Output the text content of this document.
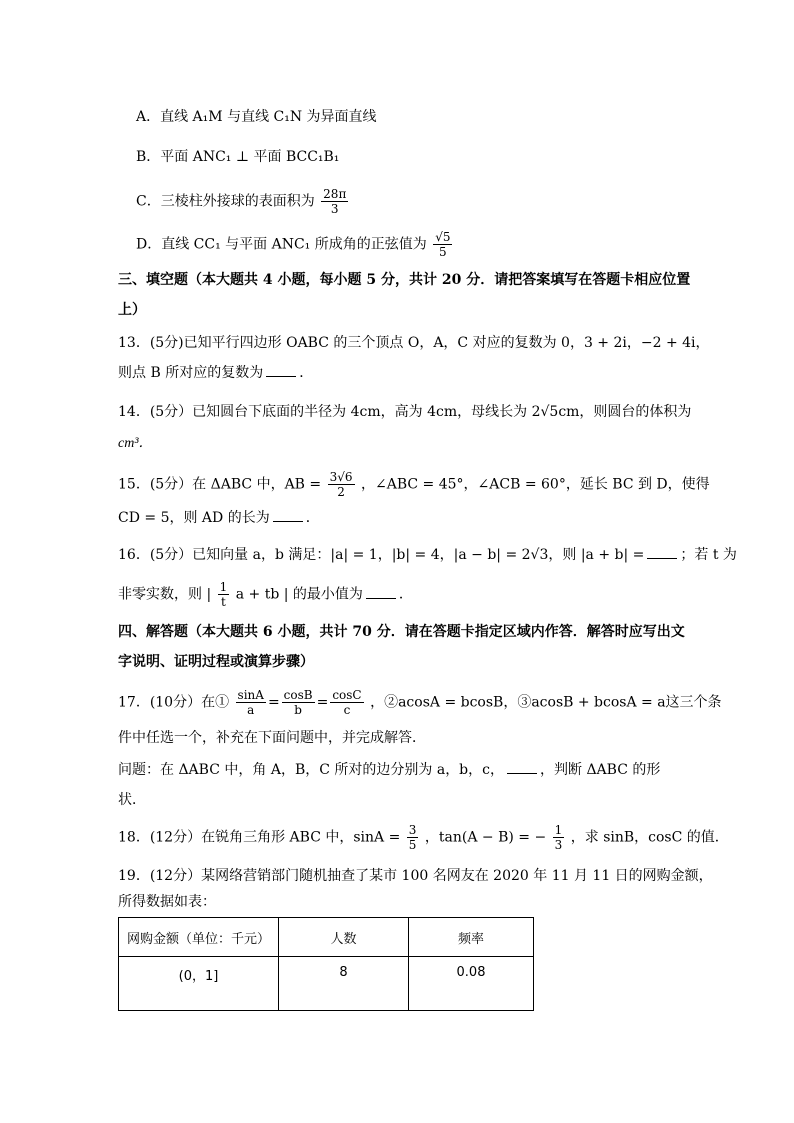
A．直线 A₁M 与直线 C₁N 为异面直线
B．平面 ANC₁ ⊥ 平面 BCC₁B₁
C．三棱柱外接球的表面积为 $\frac{28\pi}{3}$
D．直线 CC₁ 与平面 ANC₁ 所成角的正弦值为 $\frac{√5}{5}$
三、填空题（本大题共 4 小题，每小题 5 分，共计 20 分．请把答案填写在答题卡相应位置
上）
13．(5分)已知平行四边形 OABC 的三个顶点 O，A，C 对应的复数为 0，3 + 2i，−2 + 4i，
则点 B 所对应的复数为	．
14．(5分）已知圆台下底面的半径为 4cm，高为 4cm，母线长为 2√5cm，则圆台的体积为
cm³．
15．(5分）在 ΔABC 中，AB = $\frac{3√6}{2}$ ，∠ABC = 45°，∠ACB = 60°，延长 BC 到 D，使得
CD = 5，则 AD 的长为	．
16．(5分）已知向量 a，b 满足：|a| = 1，|b| = 4，|a − b| = 2√3，则 |a + b| =	；若 t 为
非零实数，则 | $\frac{1}{t}$ a + tb | 的最小值为	．
四、解答题（本大题共 6 小题，共计 70 分．请在答题卡指定区域内作答．解答时应写出文
字说明、证明过程或演算步骤）
17．(10分）在① $\frac{\sin A}{a} = \frac{\cos B}{b} = \frac{\cos C}{c}$ ，②acosA = bcosB，③acosB + bcosA = a这三个条
件中任选一个，补充在下面问题中，并完成解答．
问题：在 ΔABC 中，角 A，B，C 所对的边分别为 a，b，c，	，判断 ΔABC 的形
状．
18．(12分）在锐角三角形 ABC 中，$\sin A = \frac{3}{5}$ ，tan(A − B) = − $\frac{1}{3}$ ，求 sinB，cosC 的值．
19．(12分）某网络营销部门随机抽查了某市 100 名网友在 2020 年 11 月 11 日的网购金额，
所得数据如表：
网购金额（单位：千元）	人数	频率
(0，1]	8	0.08
